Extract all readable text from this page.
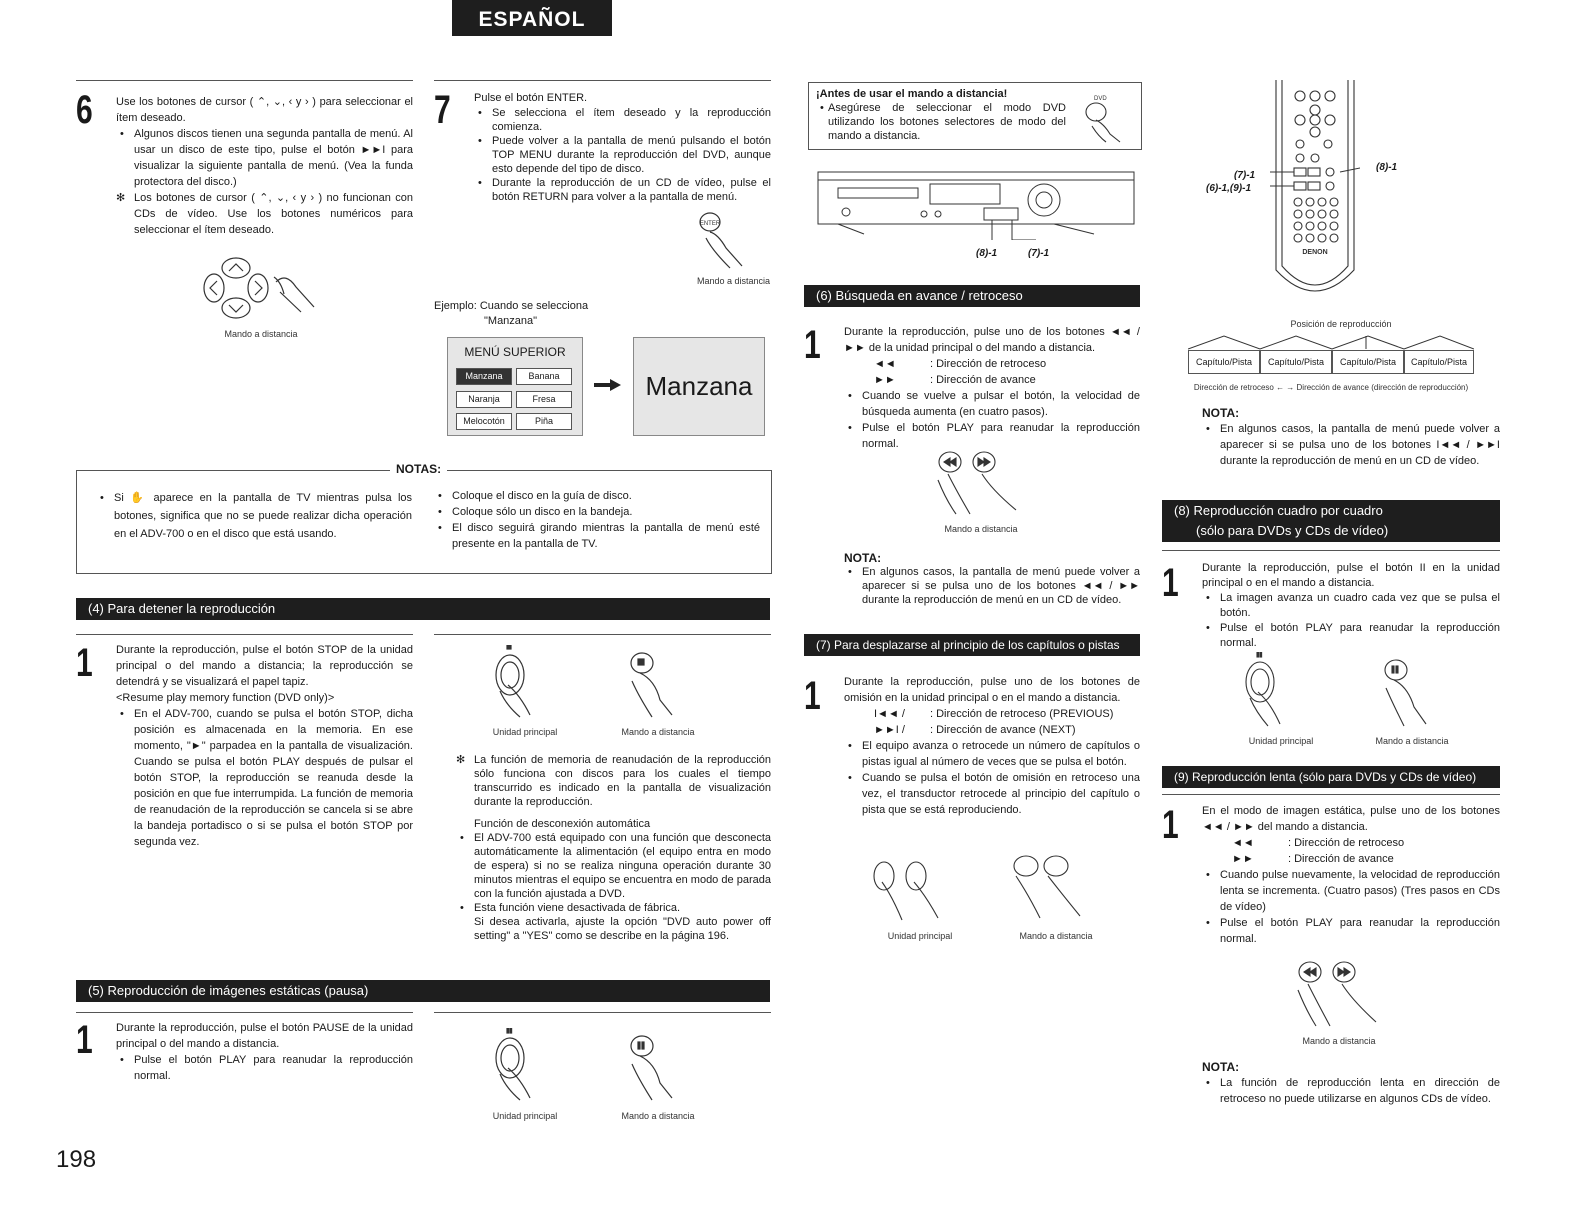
ESPAÑOL
6 Use los botones de cursor ( ⌃, ⌄, ‹ y › ) para seleccionar el ítem deseado.

• Algunos discos tienen una segunda pantalla de menú. Al usar un disco de este tipo, pulse el botón ►►I para visualizar la siguiente pantalla de menú. (Vea la funda protectora del disco.)
✻ Los botones de cursor ( ⌃, ⌄, ‹ y › ) no funcionan con CDs de vídeo. Use los botones numéricos para seleccionar el ítem deseado.
Mando a distancia
7 Pulse el botón ENTER.

• Se selecciona el ítem deseado y la reproducción comienza.
• Puede volver a la pantalla de menú pulsando el botón TOP MENU durante la reproducción del DVD, aunque esto depende del tipo de disco.
• Durante la reproducción de un CD de vídeo, pulse el botón RETURN para volver a la pantalla de menú.
ENTER
Mando a distancia

Ejemplo: Cuando se selecciona

"Manzana"

MENÚ SUPERIOR
Manzana	Banana
Naranja	Fresa
Melocotón	Piña
Manzana
NOTAS:
• Si ✋ aparece en la pantalla de TV mientras pulsa los botones, significa que no se puede realizar dicha operación en el ADV-700 o en el disco que está usando.
• Coloque el disco en la guía de disco.
• Coloque sólo un disco en la bandeja.
• El disco seguirá girando mientras la pantalla de menú esté presente en la pantalla de TV.
(4) Para detener la reproducción
1 Durante la reproducción, pulse el botón STOP de la unidad principal o del mando a distancia; la reproducción se detendrá y se visualizará el papel tapiz.

<Resume play memory function (DVD only)>

• En el ADV-700, cuando se pulsa el botón STOP, dicha posición es almacenada en la memoria. En ese momento, "►" parpadea en la pantalla de visualización. Cuando se pulsa el botón PLAY después de pulsar el botón STOP, la reproducción se reanuda desde la posición en que fue interrumpida. La función de memoria de reanudación de la reproducción se cancela si se abre la bandeja portadisco o si se pulsa el botón STOP por segunda vez.
Unidad principal	Mando a distancia
✻ La función de memoria de reanudación de la reproducción sólo funciona con discos para los cuales el tiempo transcurrido es indicado en la pantalla de visualización durante la reproducción.

Función de desconexión automática

• El ADV-700 está equipado con una función que desconecta automáticamente la alimentación (el equipo entra en modo de espera) si no se realiza ninguna operación durante 30 minutos mientras el equipo se encuentra en modo de parada con la función ajustada a DVD.
• Esta función viene desactivada de fábrica.
Si desea activarla, ajuste la opción "DVD auto power off setting" a "YES" como se describe en la página 196.
(5) Reproducción de imágenes estáticas (pausa)
1 Durante la reproducción, pulse el botón PAUSE de la unidad principal o del mando a distancia.

• Pulse el botón PLAY para reanudar la reproducción normal.
Unidad principal	Mando a distancia
198

¡Antes de usar el mando a distancia!

• Asegúrese de seleccionar el modo DVD utilizando los botones selectores de modo del mando a distancia.
DVD
(8)-1	(7)-1
(6) Búsqueda en avance / retroceso
1 Durante la reproducción, pulse uno de los botones ◄◄ / ►► de la unidad principal o del mando a distancia.

◄◄	: Dirección de retroceso

►►	: Dirección de avance

• Cuando se vuelve a pulsar el botón, la velocidad de búsqueda aumenta (en cuatro pasos).
• Pulse el botón PLAY para reanudar la reproducción normal.
Mando a distancia
NOTA:
• En algunos casos, la pantalla de menú puede volver a aparecer si se pulsa uno de los botones ◄◄ / ►► durante la reproducción de menú en un CD de vídeo.
(7) Para desplazarse al principio de los capítulos o pistas
1 Durante la reproducción, pulse uno de los botones de omisión en la unidad principal o en el mando a distancia.

I◄◄ / : Dirección de retroceso (PREVIOUS)

►►I / : Dirección de avance (NEXT)

• El equipo avanza o retrocede un número de capítulos o pistas igual al número de veces que se pulsa el botón.
• Cuando se pulsa el botón de omisión en retroceso una vez, el transductor retrocede al principio del capítulo o pista que se está reproduciendo.
Unidad principal	Mando a distancia
DENON
(8)-1
(7)-1
(6)-1,(9)-1
Posición de reproducción
Capítulo/Pista	Capítulo/Pista	Capítulo/Pista	Capítulo/Pista
Dirección de retroceso ← → Dirección de avance (dirección de reproducción)
NOTA:
• En algunos casos, la pantalla de menú puede volver a aparecer si se pulsa uno de los botones I◄◄ / ►►I durante la reproducción de menú en un CD de vídeo.
(8) Reproducción cuadro por cuadro
(sólo para DVDs y CDs de vídeo)
1 Durante la reproducción, pulse el botón II en la unidad principal o en el mando a distancia.

• La imagen avanza un cuadro cada vez que se pulsa el botón.
• Pulse el botón PLAY para reanudar la reproducción normal.
Unidad principal	Mando a distancia
(9) Reproducción lenta (sólo para DVDs y CDs de vídeo)
1 En el modo de imagen estática, pulse uno de los botones ◄◄ / ►► del mando a distancia.

◄◄	: Dirección de retroceso

►►	: Dirección de avance

• Cuando pulse nuevamente, la velocidad de reproducción lenta se incrementa. (Cuatro pasos) (Tres pasos en CDs de vídeo)
• Pulse el botón PLAY para reanudar la reproducción normal.
Mando a distancia
NOTA:
• La función de reproducción lenta en dirección de retroceso no puede utilizarse en algunos CDs de vídeo.
